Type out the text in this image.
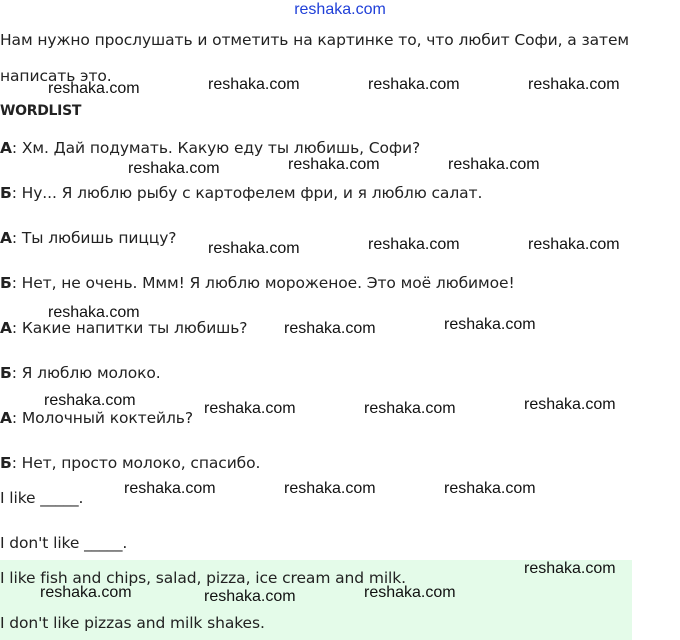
reshaka.com
Нам нужно прослушать и отметить на картинке то, что любит Софи, а затем
написать это.
WORDLIST
А: Хм. Дай подумать. Какую еду ты любишь, Софи?
Б: Ну... Я люблю рыбу с картофелем фри, и я люблю салат.
А: Ты любишь пиццу?
Б: Нет, не очень. Ммм! Я люблю мороженое. Это моё любимое!
А: Какие напитки ты любишь?
Б: Я люблю молоко.
А: Молочный коктейль?
Б: Нет, просто молоко, спасибо.
I like _____.
I don't like _____.
I like fish and chips, salad, pizza, ice cream and milk.
I don't like pizzas and milk shakes.
reshaka.com	reshaka.com	reshaka.com	reshaka.com
reshaka.com	reshaka.com	reshaka.com
reshaka.com	reshaka.com	reshaka.com
reshaka.com
reshaka.com	reshaka.com
reshaka.com	reshaka.com	reshaka.com	reshaka.com
reshaka.com	reshaka.com	reshaka.com
reshaka.com
reshaka.com	reshaka.com	reshaka.com
